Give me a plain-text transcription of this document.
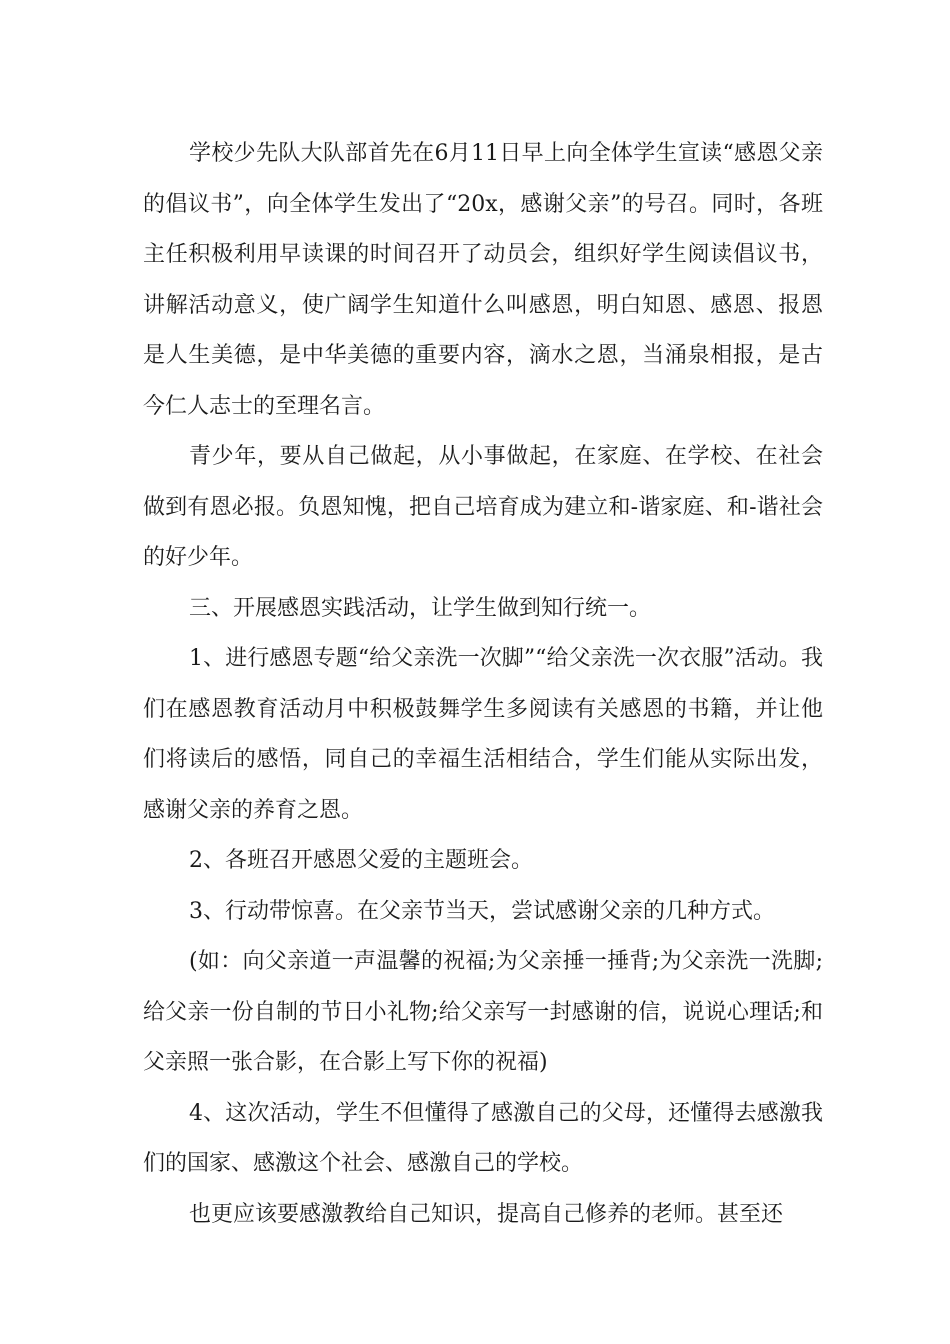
学校少先队大队部首先在6月11日早上向全体学生宣读“感恩父亲的倡议书”，向全体学生发出了“20x，感谢父亲”的号召。同时，各班主任积极利用早读课的时间召开了动员会，组织好学生阅读倡议书，讲解活动意义，使广阔学生知道什么叫感恩，明白知恩、感恩、报恩是人生美德，是中华美德的重要内容，滴水之恩，当涌泉相报，是古今仁人志士的至理名言。

青少年，要从自己做起，从小事做起，在家庭、在学校、在社会做到有恩必报。负恩知愧，把自己培育成为建立和-谐家庭、和-谐社会的好少年。

三、开展感恩实践活动，让学生做到知行统一。

1、进行感恩专题“给父亲洗一次脚”“给父亲洗一次衣服”活动。我们在感恩教育活动月中积极鼓舞学生多阅读有关感恩的书籍，并让他们将读后的感悟，同自己的幸福生活相结合，学生们能从实际出发，感谢父亲的养育之恩。

2、各班召开感恩父爱的主题班会。

3、行动带惊喜。在父亲节当天，尝试感谢父亲的几种方式。

(如：向父亲道一声温馨的祝福;为父亲捶一捶背;为父亲洗一洗脚;给父亲一份自制的节日小礼物;给父亲写一封感谢的信，说说心理话;和父亲照一张合影，在合影上写下你的祝福)

4、这次活动，学生不但懂得了感激自己的父母，还懂得去感激我们的国家、感激这个社会、感激自己的学校。

也更应该要感激教给自己知识，提高自己修养的老师。甚至还
